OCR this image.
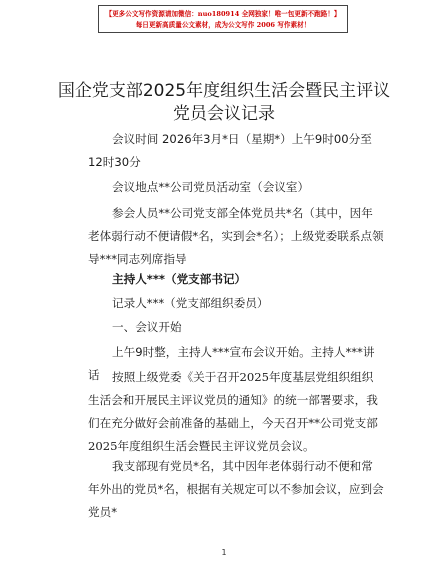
【更多公文写作资源请加微信：nuo180914 全网独家！唯一包更新不跑路！】
每日更新高质量公文素材，成为公文写作 2006 写作素材！
国企党支部2025年度组织生活会暨民主评议党员会议记录

会议时间 2026年3月*日（星期*）上午9时00分至12时30分

会议地点**公司党员活动室（会议室）

参会人员**公司党支部全体党员共*名（其中，因年老体弱行动不便请假*名，实到会*名）；上级党委联系点领导***同志列席指导

主持人***（党支部书记）

记录人***（党支部组织委员）

一、会议开始

上午9时整，主持人***宣布会议开始。主持人***讲话	按照上级党委《关于召开2025年度基层党组织组织生活会和开展民主评议党员的通知》的统一部署要求，我们在充分做好会前准备的基础上，今天召开**公司党支部2025年度组织生活会暨民主评议党员会议。

我支部现有党员*名，其中因年老体弱行动不便和常年外出的党员*名，根据有关规定可以不参加会议，应到会党员*

1
